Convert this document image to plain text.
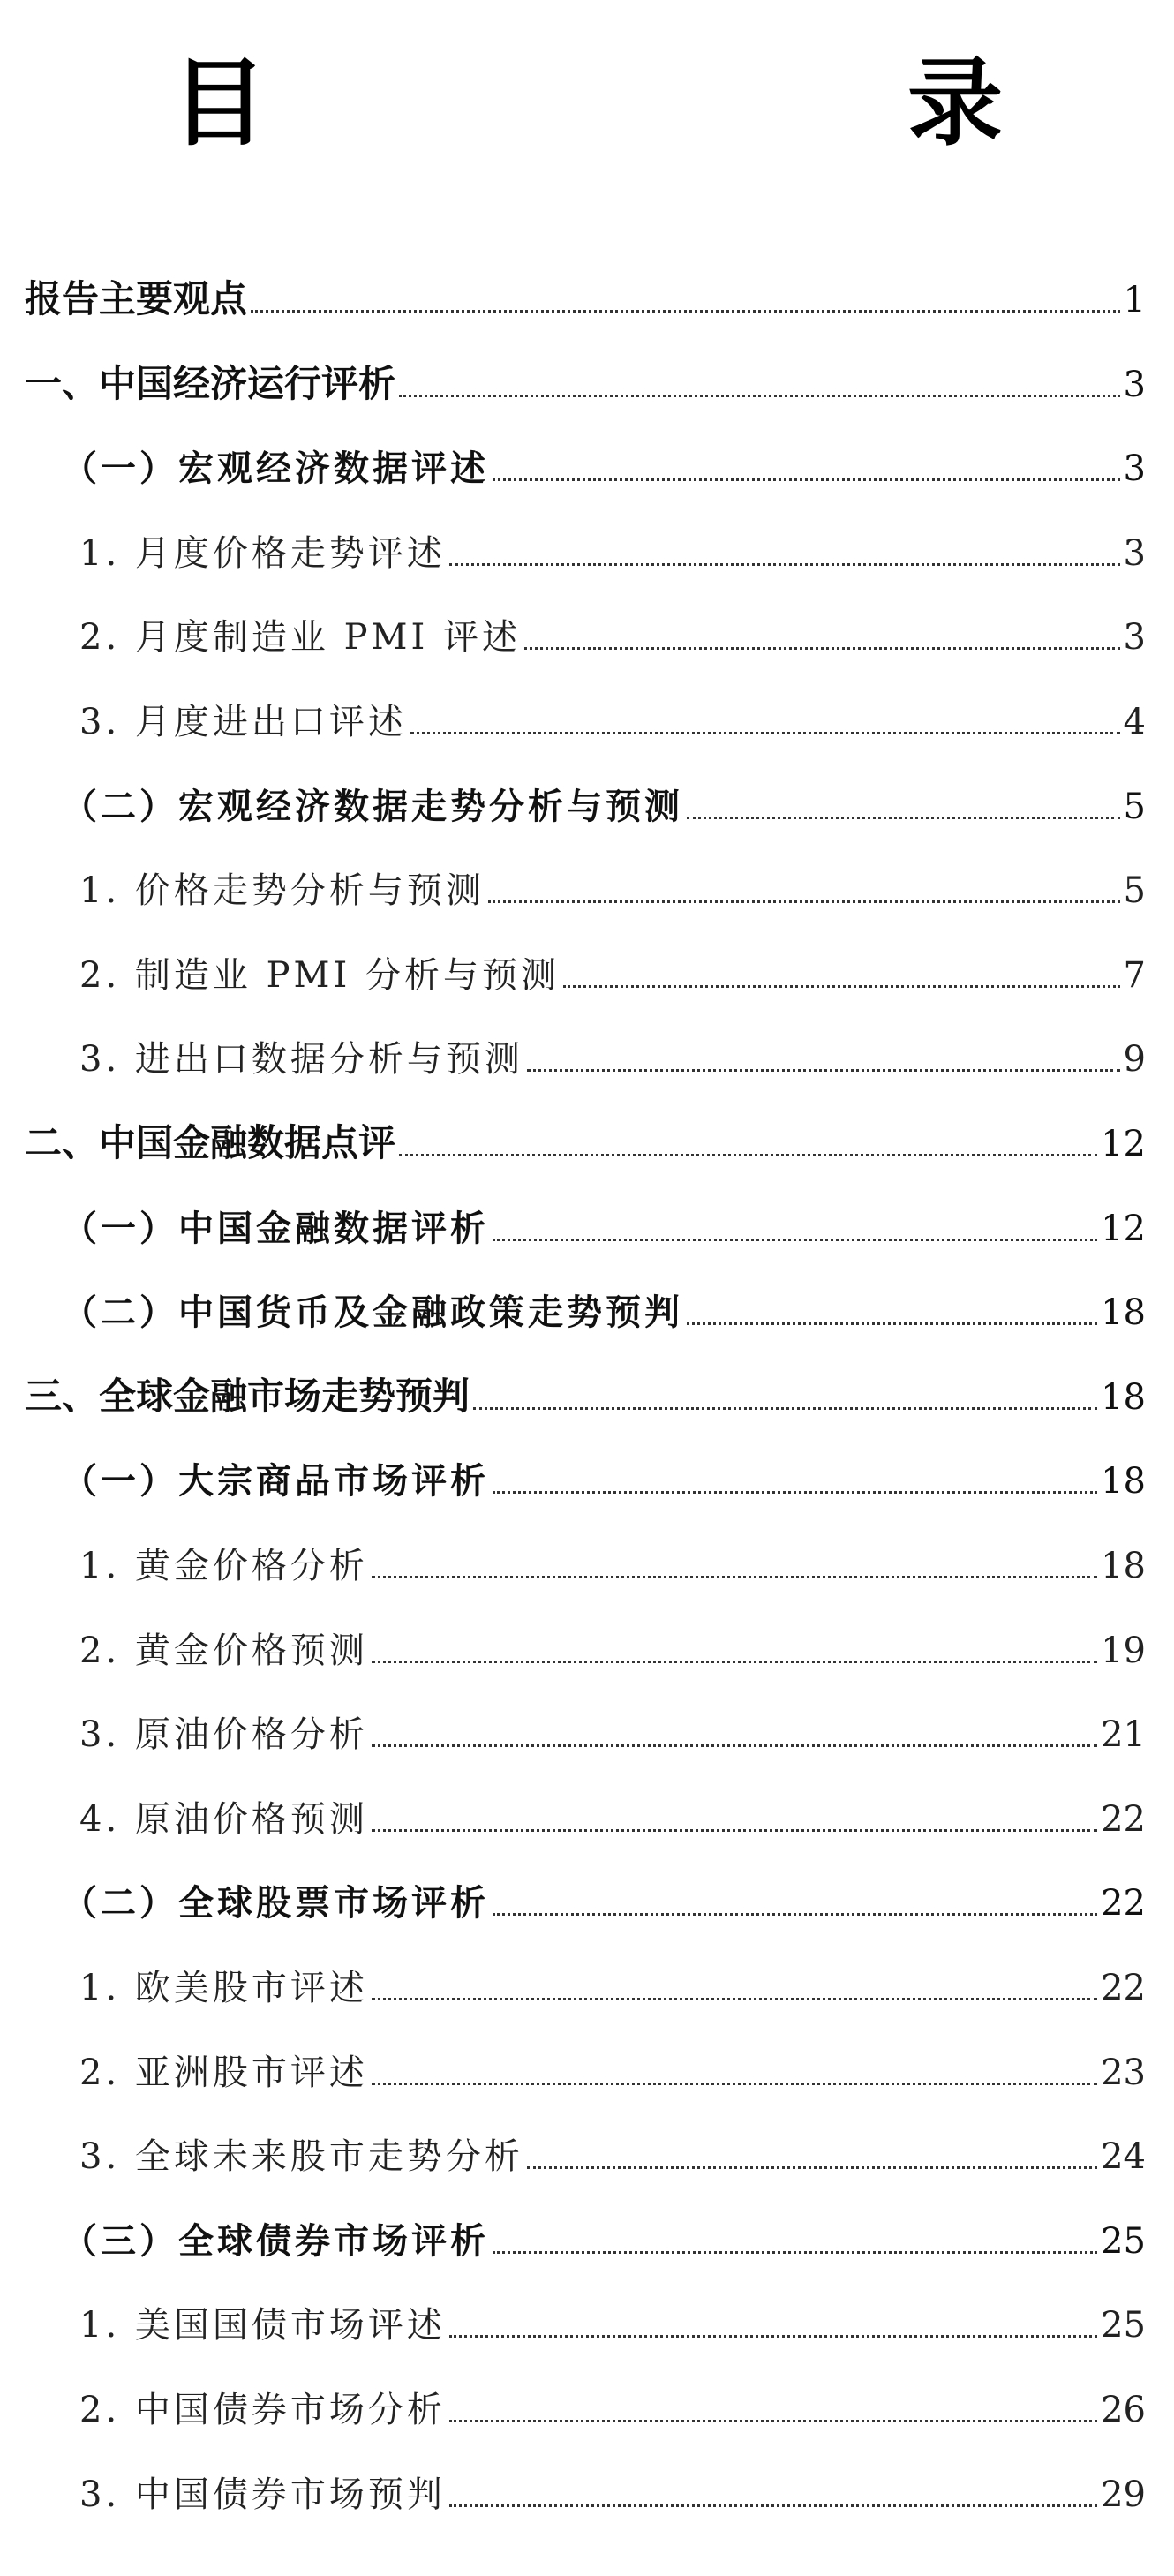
目　　录
报告主要观点	1
一、中国经济运行评析	3
（一）宏观经济数据评述	3
1. 月度价格走势评述	3
2. 月度制造业 PMI 评述	3
3. 月度进出口评述	4
（二）宏观经济数据走势分析与预测	5
1. 价格走势分析与预测	5
2. 制造业 PMI 分析与预测	7
3. 进出口数据分析与预测	9
二、中国金融数据点评	12
（一）中国金融数据评析	12
（二）中国货币及金融政策走势预判	18
三、全球金融市场走势预判	18
（一）大宗商品市场评析	18
1. 黄金价格分析	18
2. 黄金价格预测	19
3. 原油价格分析	21
4. 原油价格预测	22
（二）全球股票市场评析	22
1. 欧美股市评述	22
2. 亚洲股市评述	23
3. 全球未来股市走势分析	24
（三）全球债券市场评析	25
1. 美国国债市场评述	25
2. 中国债券市场分析	26
3. 中国债券市场预判	29
